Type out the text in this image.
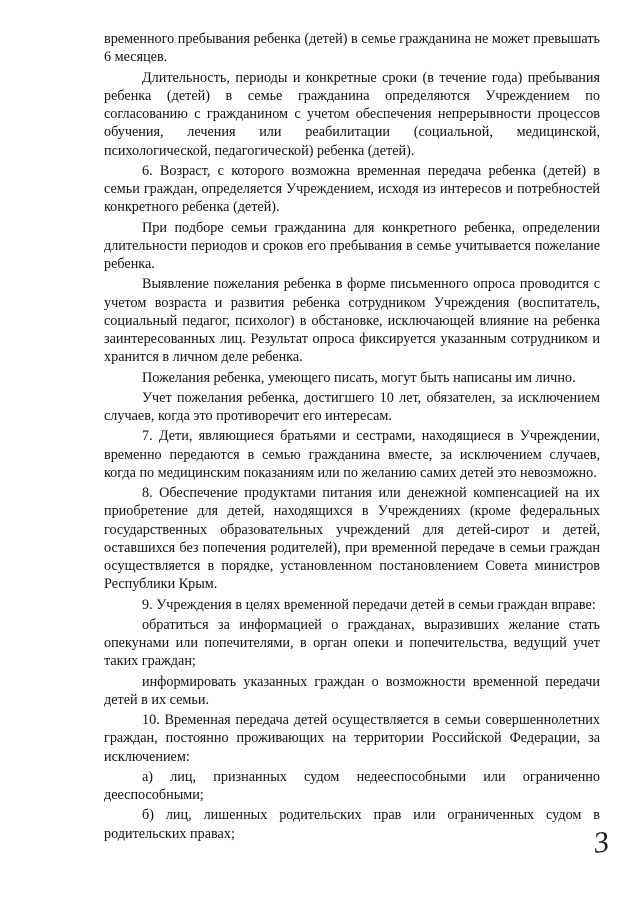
временного пребывания ребенка (детей) в семье гражданина не может превышать 6 месяцев.

Длительность, периоды и конкретные сроки (в течение года) пребывания ребенка (детей) в семье гражданина определяются Учреждением по согласованию с гражданином с учетом обеспечения непрерывности процессов обучения, лечения или реабилитации (социальной, медицинской, психологической, педагогической) ребенка (детей).

6. Возраст, с которого возможна временная передача ребенка (детей) в семьи граждан, определяется Учреждением, исходя из интересов и потребностей конкретного ребенка (детей).

При подборе семьи гражданина для конкретного ребенка, определении длительности периодов и сроков его пребывания в семье учитывается пожелание ребенка.

Выявление пожелания ребенка в форме письменного опроса проводится с учетом возраста и развития ребенка сотрудником Учреждения (воспитатель, социальный педагог, психолог) в обстановке, исключающей влияние на ребенка заинтересованных лиц. Результат опроса фиксируется указанным сотрудником и хранится в личном деле ребенка.

Пожелания ребенка, умеющего писать, могут быть написаны им лично.

Учет пожелания ребенка, достигшего 10 лет, обязателен, за исключением случаев, когда это противоречит его интересам.

7. Дети, являющиеся братьями и сестрами, находящиеся в Учреждении, временно передаются в семью гражданина вместе, за исключением случаев, когда по медицинским показаниям или по желанию самих детей это невозможно.

8. Обеспечение продуктами питания или денежной компенсацией на их приобретение для детей, находящихся в Учреждениях (кроме федеральных государственных образовательных учреждений для детей-сирот и детей, оставшихся без попечения родителей), при временной передаче в семьи граждан осуществляется в порядке, установленном постановлением Совета министров Республики Крым.

9. Учреждения в целях временной передачи детей в семьи граждан вправе:

обратиться за информацией о гражданах, выразивших желание стать опекунами или попечителями, в орган опеки и попечительства, ведущий учет таких граждан;

информировать указанных граждан о возможности временной передачи детей в их семьи.

10. Временная передача детей осуществляется в семьи совершеннолетних граждан, постоянно проживающих на территории Российской Федерации, за исключением:

а) лиц, признанных судом недееспособными или ограниченно дееспособными;

б) лиц, лишенных родительских прав или ограниченных судом в родительских правах;	3
